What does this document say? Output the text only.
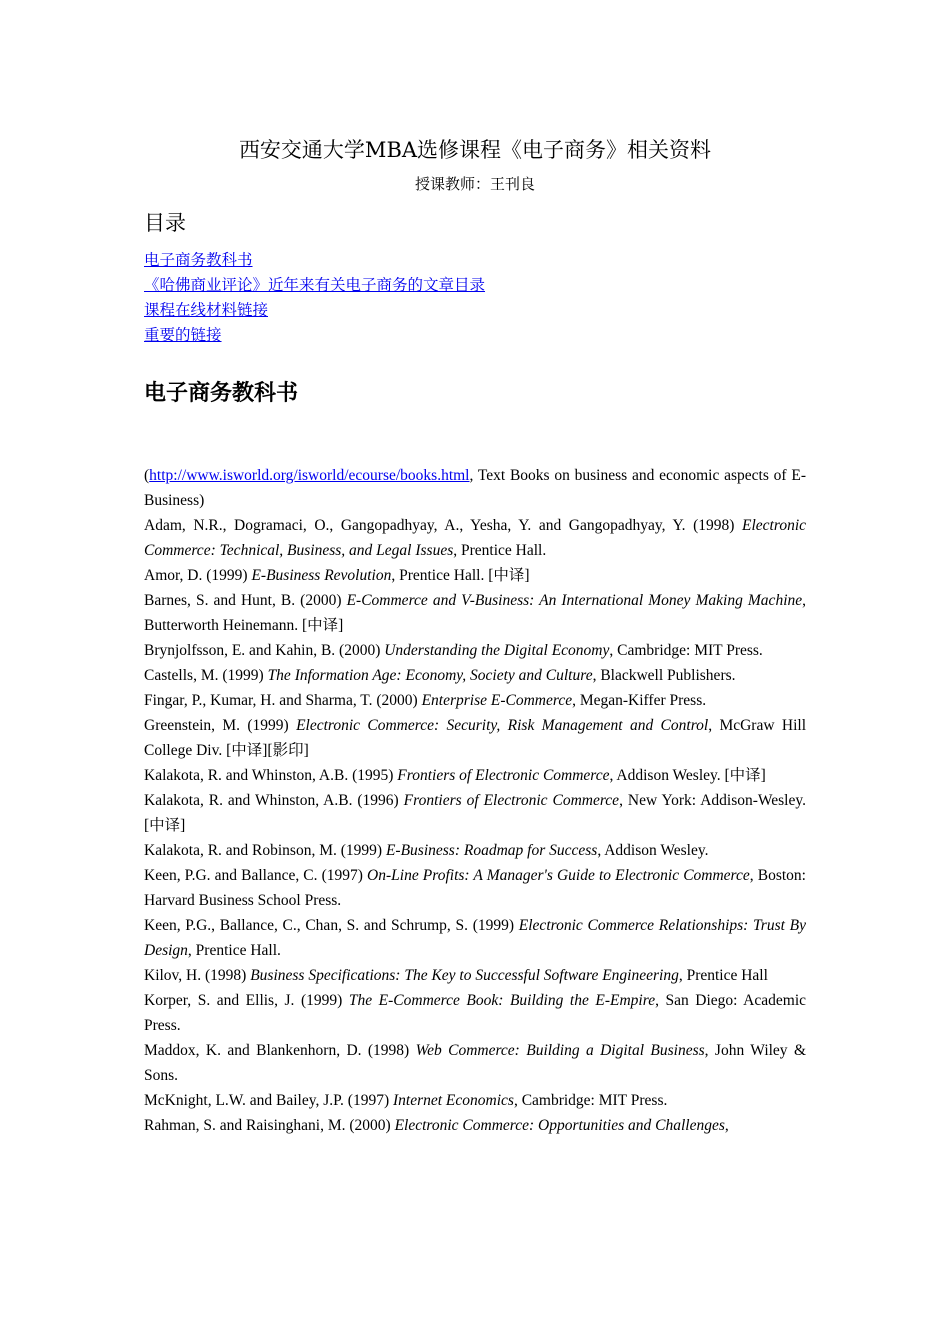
西安交通大学MBA选修课程《电子商务》相关资料
授课教师：王刊良
目录
电子商务教科书
《哈佛商业评论》近年来有关电子商务的文章目录
课程在线材料链接
重要的链接
电子商务教科书

(http://www.isworld.org/isworld/ecourse/books.html, Text Books on business and economic aspects of E-Business)

Adam, N.R., Dogramaci, O., Gangopadhyay, A., Yesha, Y. and Gangopadhyay, Y. (1998) Electronic Commerce: Technical, Business, and Legal Issues, Prentice Hall.

Amor, D. (1999) E-Business Revolution, Prentice Hall. [中译]

Barnes, S. and Hunt, B. (2000) E-Commerce and V-Business: An International Money Making Machine, Butterworth Heinemann. [中译]

Brynjolfsson, E. and Kahin, B. (2000) Understanding the Digital Economy, Cambridge: MIT Press.

Castells, M. (1999) The Information Age: Economy, Society and Culture, Blackwell Publishers.

Fingar, P., Kumar, H. and Sharma, T. (2000) Enterprise E-Commerce, Megan-Kiffer Press.

Greenstein, M. (1999) Electronic Commerce: Security, Risk Management and Control, McGraw Hill College Div. [中译][影印]

Kalakota, R. and Whinston, A.B. (1995) Frontiers of Electronic Commerce, Addison Wesley. [中译]

Kalakota, R. and Whinston, A.B. (1996) Frontiers of Electronic Commerce, New York: Addison-Wesley. [中译]

Kalakota, R. and Robinson, M. (1999) E-Business: Roadmap for Success, Addison Wesley.

Keen, P.G. and Ballance, C. (1997) On-Line Profits: A Manager's Guide to Electronic Commerce, Boston: Harvard Business School Press.

Keen, P.G., Ballance, C., Chan, S. and Schrump, S. (1999) Electronic Commerce Relationships: Trust By Design, Prentice Hall.

Kilov, H. (1998) Business Specifications: The Key to Successful Software Engineering, Prentice Hall

Korper, S. and Ellis, J. (1999) The E-Commerce Book: Building the E-Empire, San Diego: Academic Press.

Maddox, K. and Blankenhorn, D. (1998) Web Commerce: Building a Digital Business, John Wiley & Sons.

McKnight, L.W. and Bailey, J.P. (1997) Internet Economics, Cambridge: MIT Press.

Rahman, S. and Raisinghani, M. (2000) Electronic Commerce: Opportunities and Challenges,
